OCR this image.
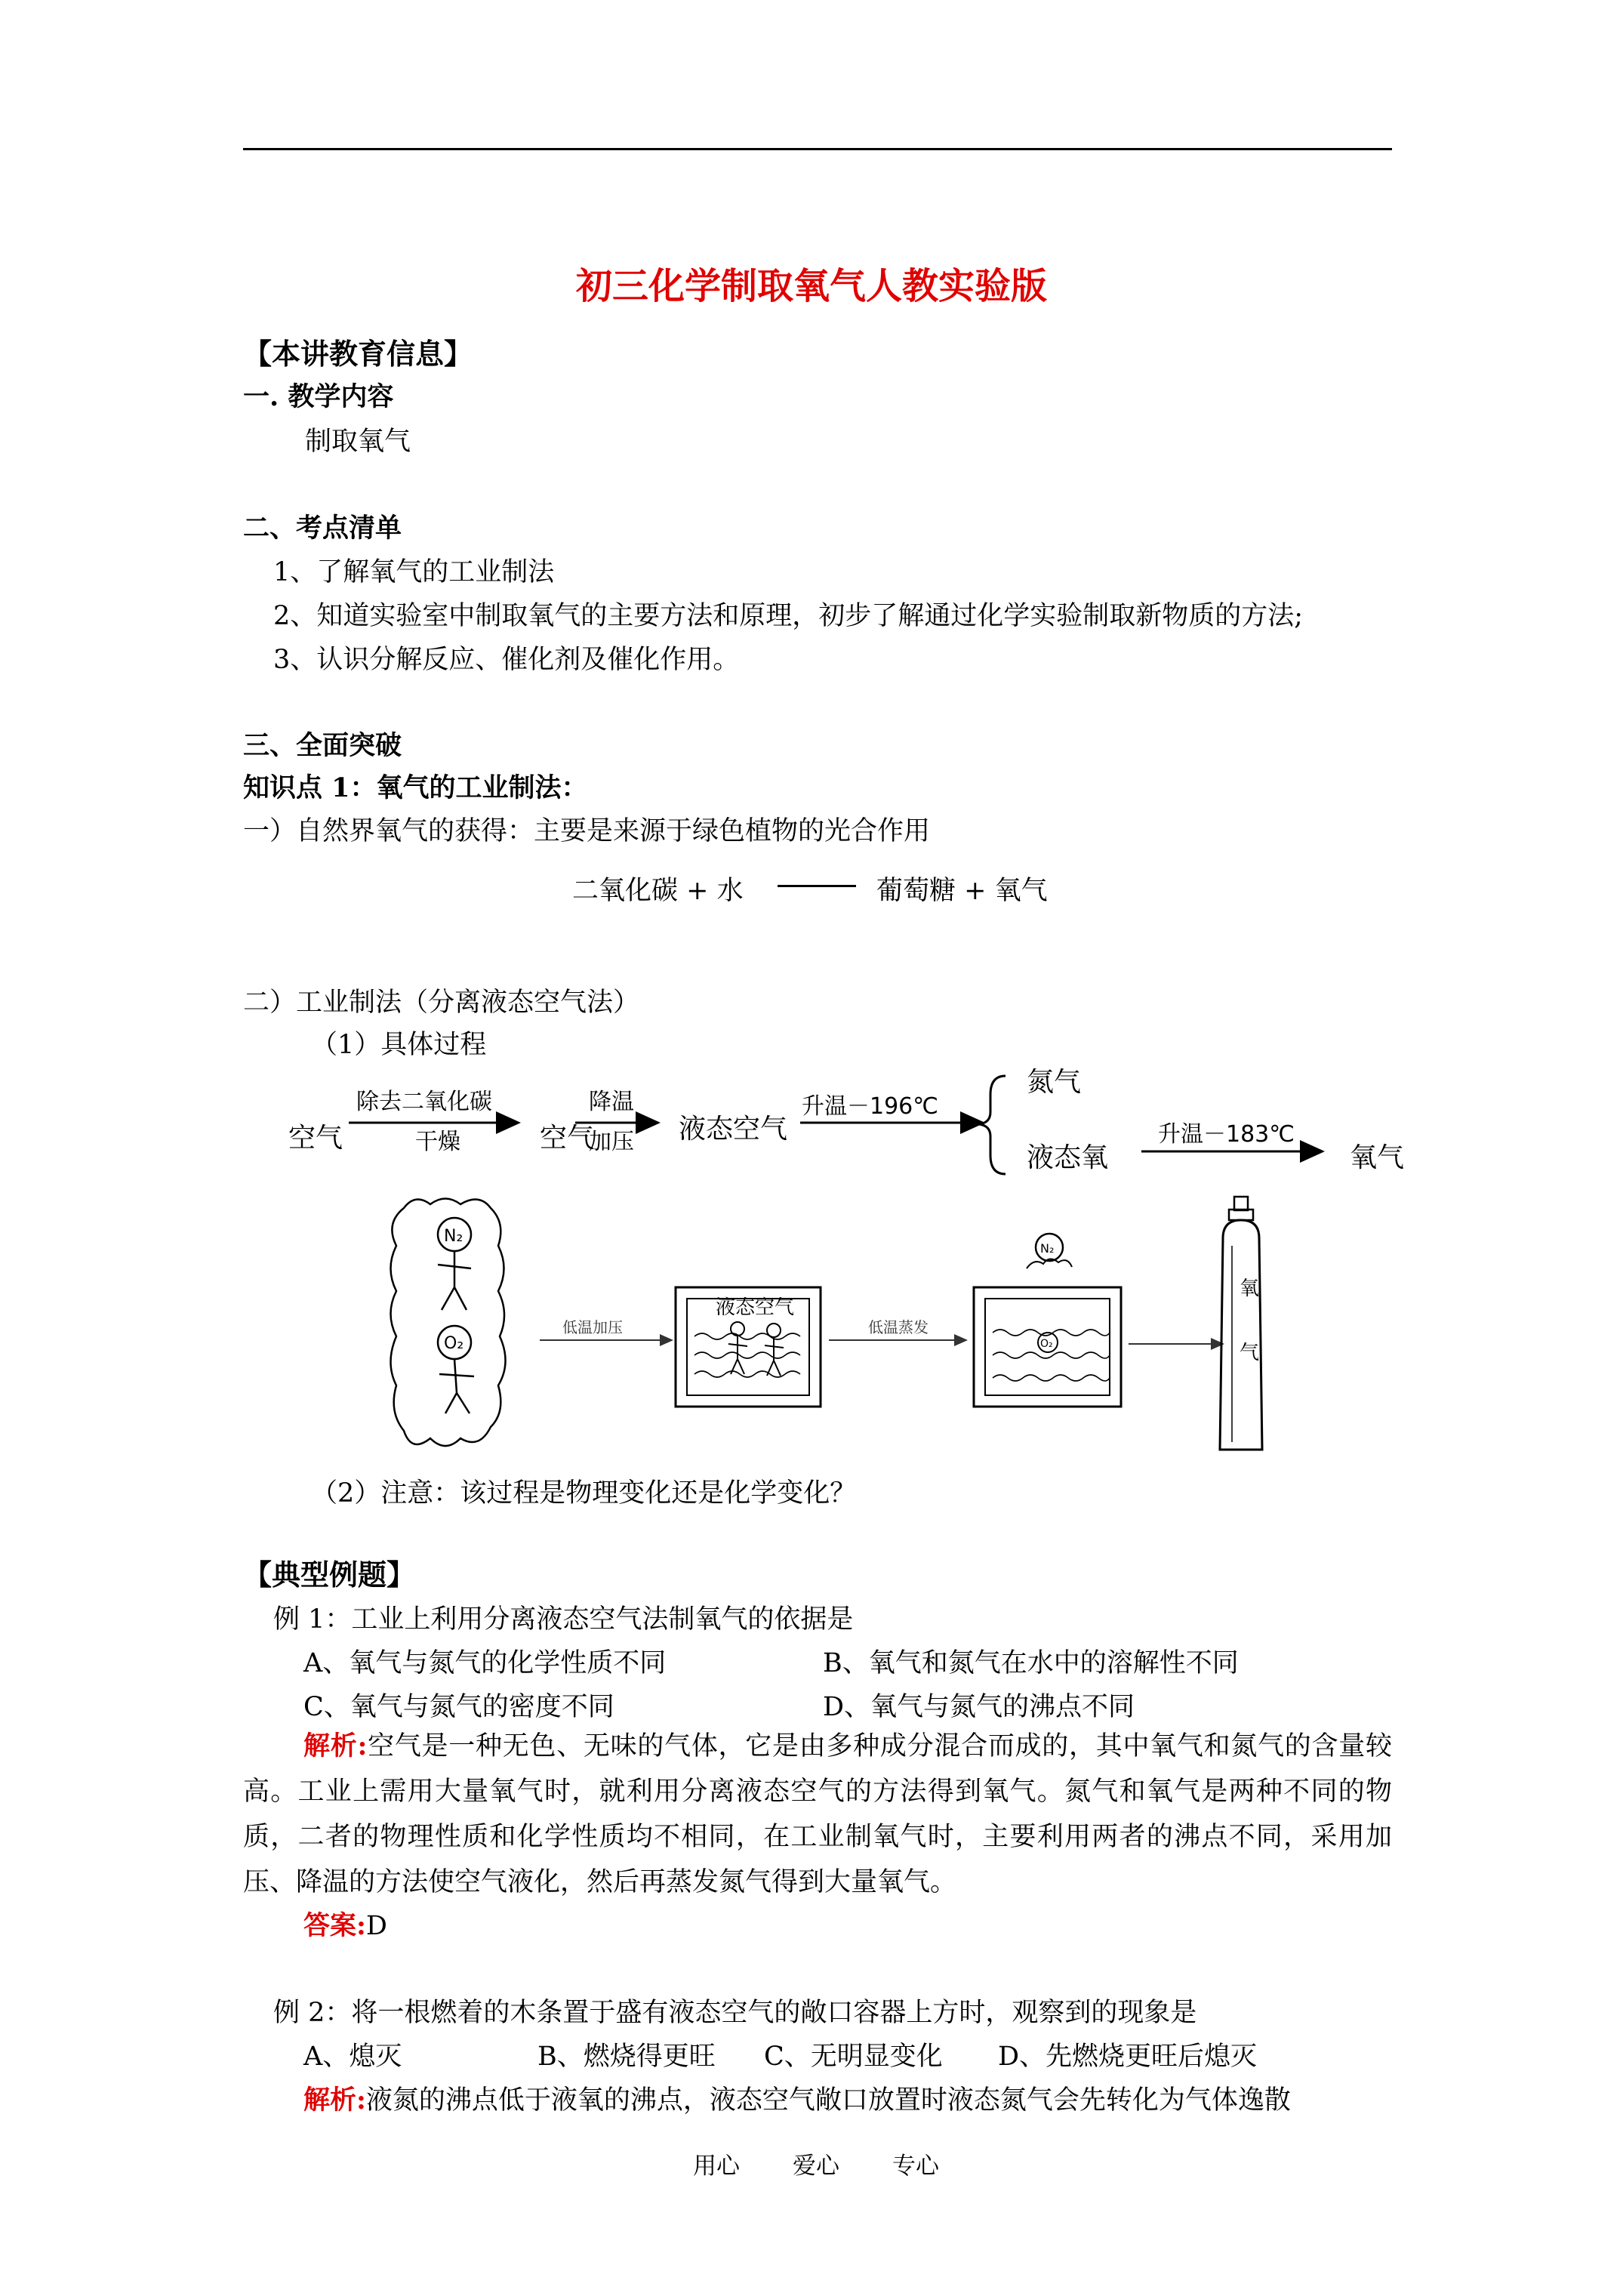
初三化学制取氧气人教实验版
【本讲教育信息】
一. 教学内容
制取氧气
二、考点清单
1、了解氧气的工业制法
2、知道实验室中制取氧气的主要方法和原理，初步了解通过化学实验制取新物质的方法;
3、认识分解反应、催化剂及催化作用。
三、全面突破
知识点 1：氧气的工业制法：
一）自然界氧气的获得：主要是来源于绿色植物的光合作用
二氧化碳 + 水	葡萄糖 + 氧气
二）工业制法（分离液态空气法）
（1）具体过程
空气
除去二氧化碳
干燥	空气
降温
加压 液态空气
升温－196℃
氮气
液态氧
升温－183℃
氧气
N₂
O₂
低温加压
液态空气
低温蒸发
N₂
O₂
氧
气
（2）注意：该过程是物理变化还是化学变化？
【典型例题】
例 1：工业上利用分离液态空气法制氧气的依据是
A、氧气与氮气的化学性质不同	B、氧气和氮气在水中的溶解性不同
C、氧气与氮气的密度不同	D、氧气与氮气的沸点不同

解析:空气是一种无色、无味的气体，它是由多种成分混合而成的，其中氧气和氮气的含量较高。工业上需用大量氧气时，就利用分离液态空气的方法得到氧气。氮气和氧气是两种不同的物质，二者的物理性质和化学性质均不相同，在工业制氧气时，主要利用两者的沸点不同，采用加压、降温的方法使空气液化，然后再蒸发氮气得到大量氧气。

答案:D
例 2：将一根燃着的木条置于盛有液态空气的敞口容器上方时，观察到的现象是
A、熄灭	B、燃烧得更旺 C、无明显变化 D、先燃烧更旺后熄灭
解析:液氮的沸点低于液氧的沸点，液态空气敞口放置时液态氮气会先转化为气体逸散
用心 爱心 专心
